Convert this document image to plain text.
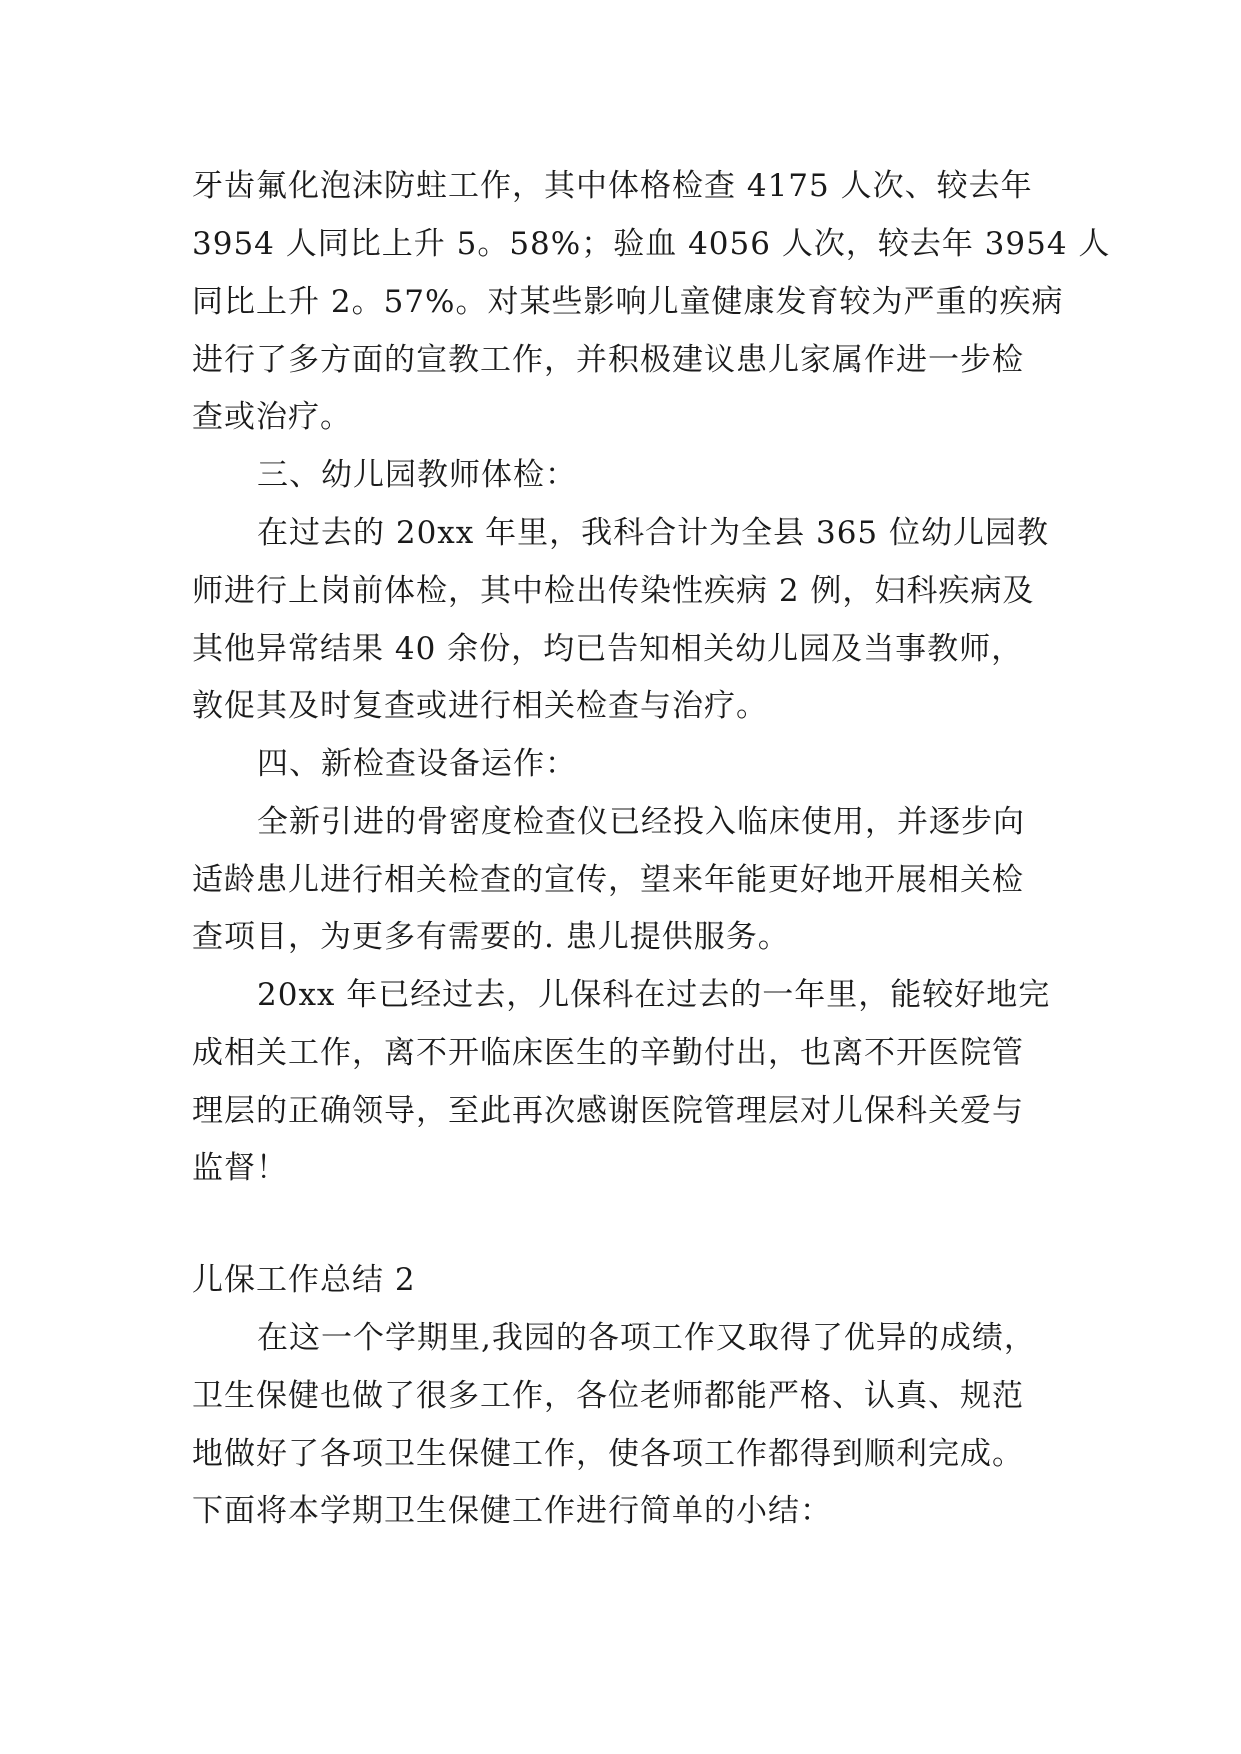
牙齿氟化泡沫防蛀工作，其中体格检查 4175 人次、较去年
3954 人同比上升 5。58%；验血 4056 人次，较去年 3954 人
同比上升 2。57%。对某些影响儿童健康发育较为严重的疾病
进行了多方面的宣教工作，并积极建议患儿家属作进一步检
查或治疗。
三、幼儿园教师体检：
在过去的 20xx 年里，我科合计为全县 365 位幼儿园教
师进行上岗前体检，其中检出传染性疾病 2 例，妇科疾病及
其他异常结果 40 余份，均已告知相关幼儿园及当事教师，
敦促其及时复查或进行相关检查与治疗。
四、新检查设备运作：
全新引进的骨密度检查仪已经投入临床使用，并逐步向
适龄患儿进行相关检查的宣传，望来年能更好地开展相关检
查项目，为更多有需要的. 患儿提供服务。
20xx 年已经过去，儿保科在过去的一年里，能较好地完
成相关工作，离不开临床医生的辛勤付出，也离不开医院管
理层的正确领导，至此再次感谢医院管理层对儿保科关爱与
监督！
儿保工作总结 2
在这一个学期里,我园的各项工作又取得了优异的成绩，
卫生保健也做了很多工作，各位老师都能严格、认真、规范
地做好了各项卫生保健工作，使各项工作都得到顺利完成。
下面将本学期卫生保健工作进行简单的小结：
